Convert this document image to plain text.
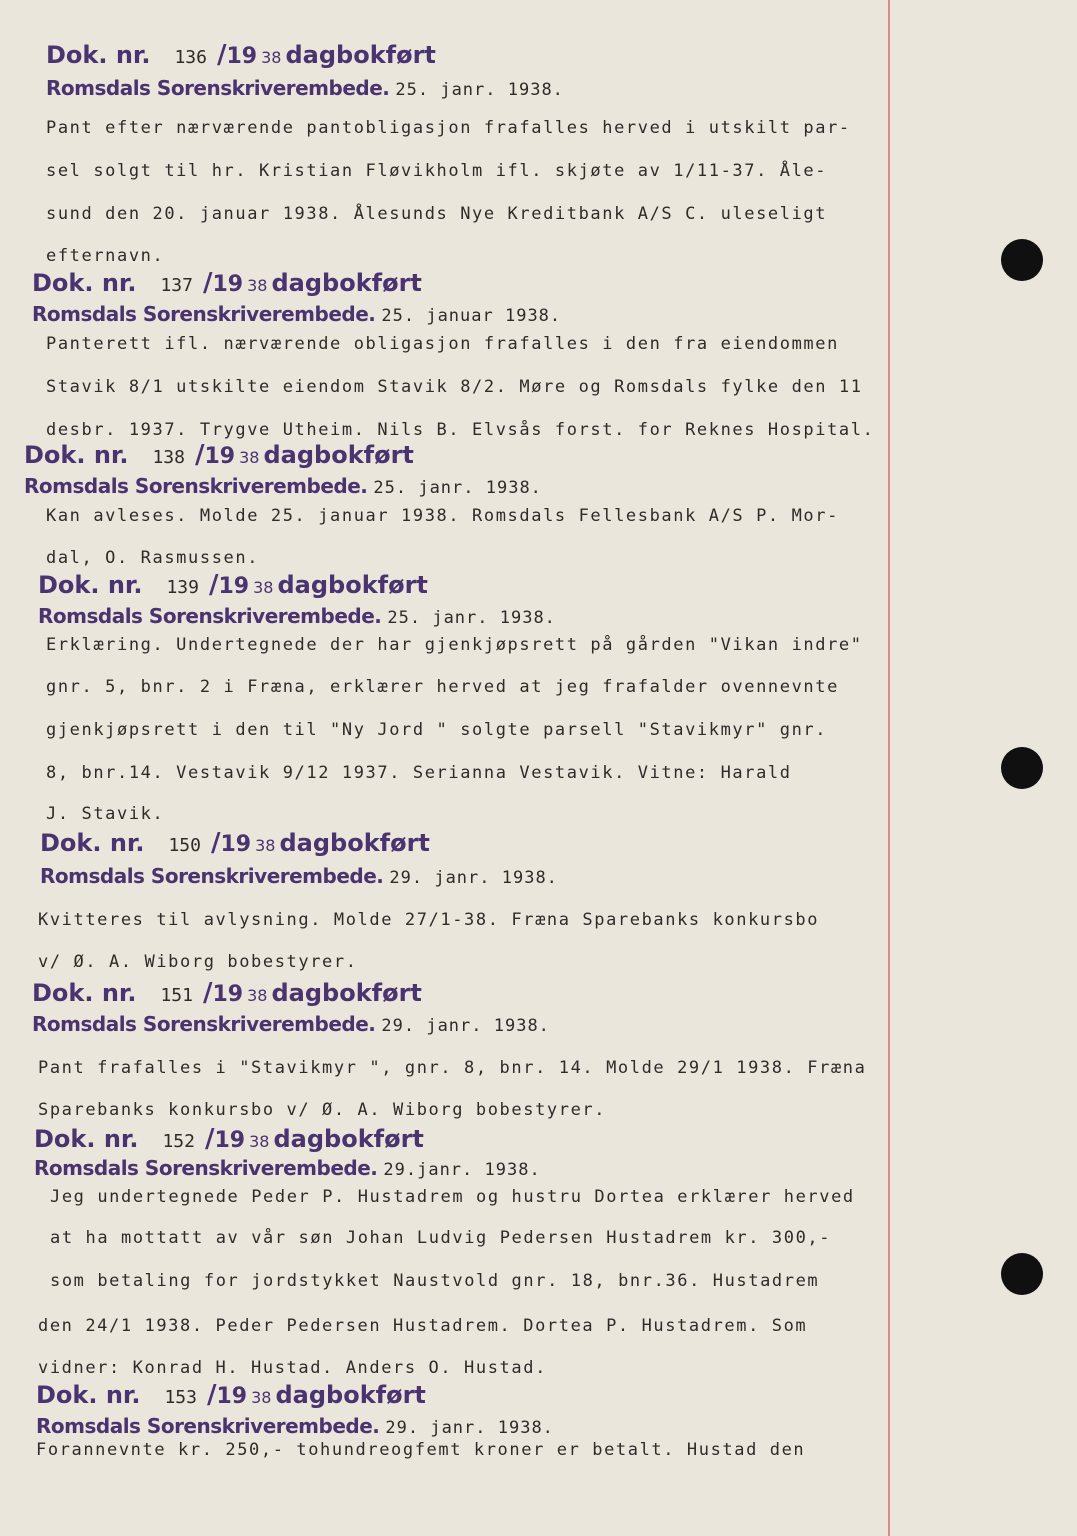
Dok. nr. 136 /19 38 dagbokført
Romsdals Sorenskriverembede. 25. janr. 1938.
Pant efter nærværende pantobligasjon frafalles herved i utskilt par-
sel solgt til hr. Kristian Fløvikholm ifl. skjøte av 1/11-37. Åle-
sund den 20. januar 1938. Ålesunds Nye Kreditbank A/S C. uleseligt
efternavn.
Dok. nr. 137 /19 38 dagbokført
Romsdals Sorenskriverembede. 25. januar 1938.
Panterett ifl. nærværende obligasjon frafalles i den fra eiendommen
Stavik 8/1 utskilte eiendom Stavik 8/2. Møre og Romsdals fylke den 11
desbr. 1937. Trygve Utheim. Nils B. Elvsås forst. for Reknes Hospital.
Dok. nr. 138 /19 38 dagbokført
Romsdals Sorenskriverembede. 25. janr. 1938.
Kan avleses. Molde 25. januar 1938. Romsdals Fellesbank A/S P. Mor-
dal, O. Rasmussen.
Dok. nr. 139 /19 38 dagbokført
Romsdals Sorenskriverembede. 25. janr. 1938.
Erklæring. Undertegnede der har gjenkjøpsrett på gården "Vikan indre"
gnr. 5, bnr. 2 i Fræna, erklærer herved at jeg frafalder ovennevnte
gjenkjøpsrett i den til "Ny Jord " solgte parsell "Stavikmyr" gnr.
8, bnr.14. Vestavik 9/12 1937. Serianna Vestavik. Vitne: Harald
J. Stavik.
Dok. nr. 150 /19 38 dagbokført
Romsdals Sorenskriverembede. 29. janr. 1938.
Kvitteres til avlysning. Molde 27/1-38. Fræna Sparebanks konkursbo
v/ Ø. A. Wiborg bobestyrer.
Dok. nr. 151 /19 38 dagbokført
Romsdals Sorenskriverembede. 29. janr. 1938.
Pant frafalles i "Stavikmyr ", gnr. 8, bnr. 14. Molde 29/1 1938. Fræna
Sparebanks konkursbo v/ Ø. A. Wiborg bobestyrer.
Dok. nr. 152 /19 38 dagbokført
Romsdals Sorenskriverembede. 29.janr. 1938.
Jeg undertegnede Peder P. Hustadrem og hustru Dortea erklærer herved
at ha mottatt av vår søn Johan Ludvig Pedersen Hustadrem kr. 300,-
som betaling for jordstykket Naustvold gnr. 18, bnr.36. Hustadrem
den 24/1 1938. Peder Pedersen Hustadrem. Dortea P. Hustadrem. Som
vidner: Konrad H. Hustad. Anders O. Hustad.
Dok. nr. 153 /19 38 dagbokført
Romsdals Sorenskriverembede. 29. janr. 1938.
Forannevnte kr. 250,- tohundreogfemt kroner er betalt. Hustad den
